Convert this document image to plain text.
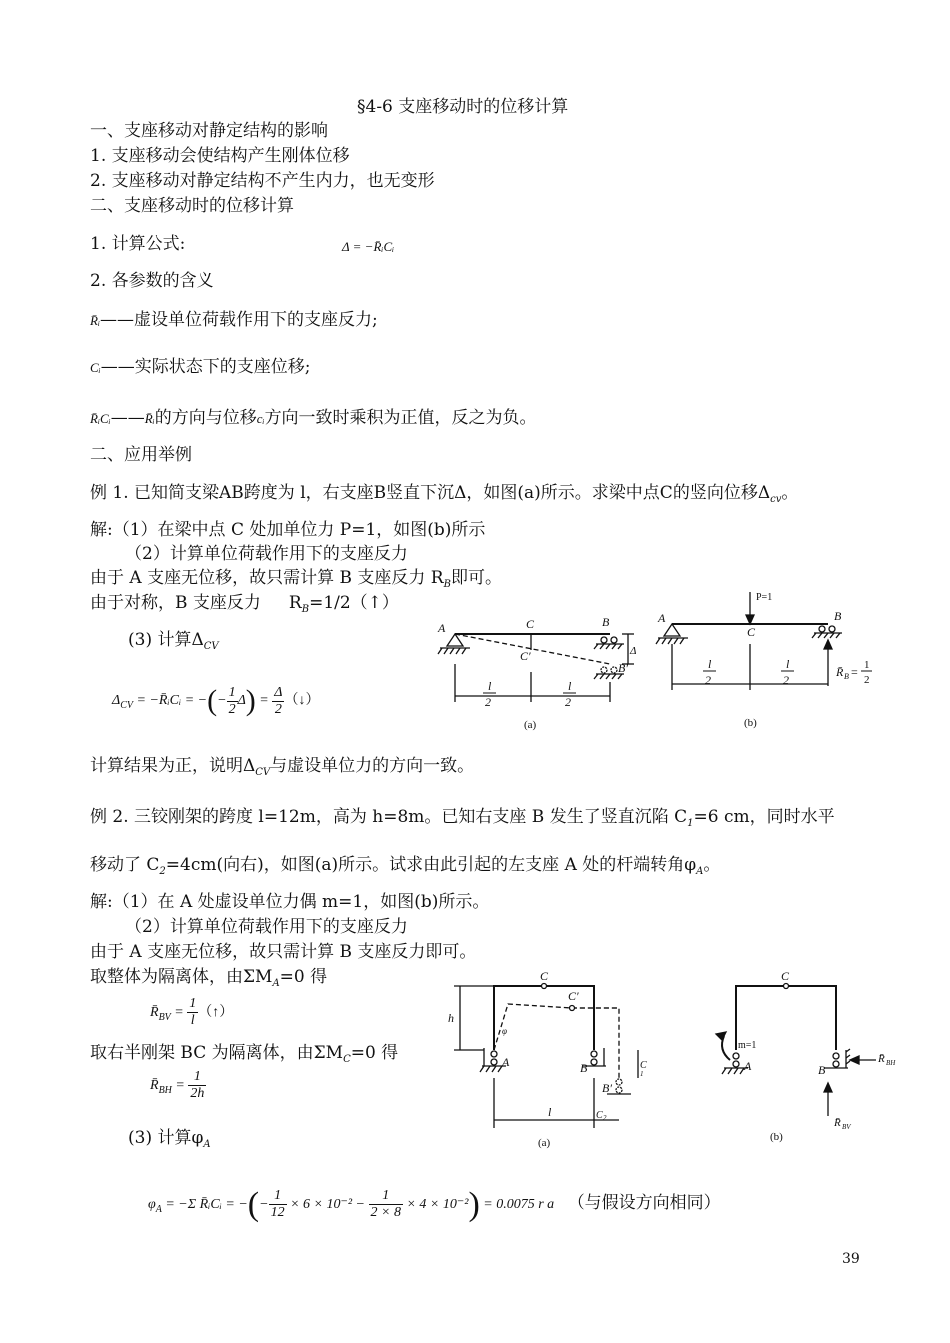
§4-6 支座移动时的位移计算
一、支座移动对静定结构的影响
1. 支座移动会使结构产生刚体位移
2. 支座移动对静定结构不产生内力，也无变形
二、支座移动时的位移计算
1. 计算公式:	Δ = −R̄ᵢCᵢ
2. 各参数的含义
R̄ᵢ——虚设单位荷载作用下的支座反力;
Cᵢ——实际状态下的支座位移;
R̄ᵢCᵢ——R̄ᵢ的方向与位移cᵢ方向一致时乘积为正值，反之为负。
二、应用举例
例 1. 已知简支梁AB跨度为 l，右支座B竖直下沉Δ，如图(a)所示。求梁中点C的竖向位移$\Delta_{cv}$。
解:（1）在梁中点 C 处加单位力 P=1，如图(b)所示
（2）计算单位荷载作用下的支座反力
由于 A 支座无位移，故只需计算 B 支座反力 $R_B$即可。
由于对称，B 支座反力 $R_B=1/2(↑)$
(3) 计算$\Delta_{CV}$
$\Delta_{CV}$ = −R̄ᵢCᵢ = −(− $\frac{1}{2} \Delta) = \frac{\Delta}{2}$ （↓）
计算结果为正，说明$\Delta_{CV}$与虚设单位力的方向一致。
例 2. 三铰刚架的跨度 l=12m，高为 h=8m。已知右支座 B 发生了竖直沉陷 $C_1=6$ cm，同时水平
移动了 $C_2=4cm$(向右)，如图(a)所示。试求由此引起的左支座 A 处的杆端转角$\varphi_A$。
解:（1）在 A 处虚设单位力偶 m=1，如图(b)所示。
（2）计算单位荷载作用下的支座反力
由于 A 支座无位移，故只需计算 B 支座反力即可。
取整体为隔离体，由$\Sigma M_A=0$ 得
$R̄_{BV} = \frac{1}{l}$ （↑）
取右半刚架 BC 为隔离体，由$\Sigma M_C=0$ 得
$R̄_{BH} = \frac{1}{2h}$
(3) 计算$\varphi_A$
$\varphi_A = -\Sigma$ R̄ᵢCᵢ = −(− $\frac{1}{12} \times 6 \times 10^{-2} - \frac{1}{2 \times 8} \times 4 \times 10^{-2}) = 0.0075$ r a （与假设方向相同）
39
A	C	B
C′
B′
Δ
l
2
l
2
(a)
P=1
A
C
B
R̄ B = 1
2
l
2
l
2
(b)
C
C′
h
φ
A	B
B′
C
1
l	C 2
(a)
C
m=1
A	B
R̄ BH
R̄ BV
(b)
